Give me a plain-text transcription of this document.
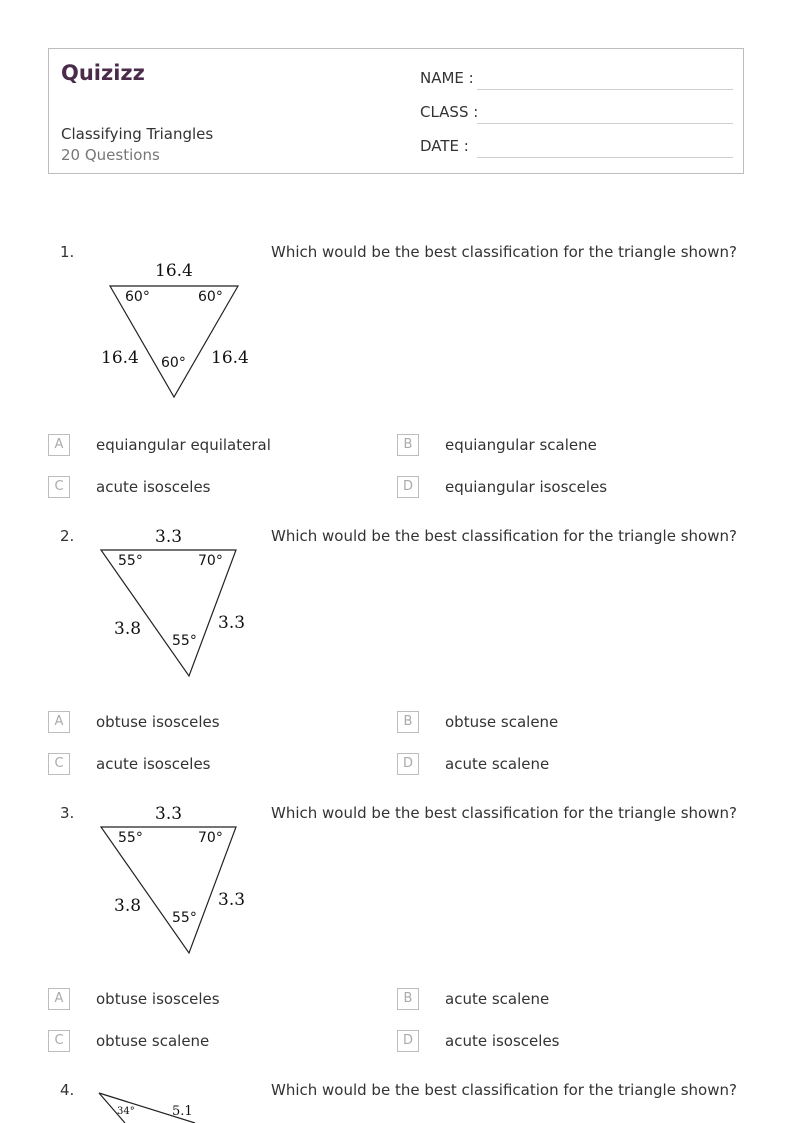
Quizizz
Classifying Triangles
20 Questions
NAME :
CLASS :
DATE :
1.	Which would be the best classification for the triangle shown?
16.4
60°	60°
16.4 60° 16.4
A	equiangular equilateral	B	equiangular scalene
C	acute isosceles	D	equiangular isosceles
2.	Which would be the best classification for the triangle shown?
3.3
55°	70°
3.8
55°
3.3
A	obtuse isosceles	B	obtuse scalene
C	acute isosceles	D	acute scalene
3.	Which would be the best classification for the triangle shown?
3.3
55°	70°
3.8
55°
3.3
A	obtuse isosceles	B	acute scalene
C	obtuse scalene	D	acute isosceles
4.	Which would be the best classification for the triangle shown?
34°	5.1
